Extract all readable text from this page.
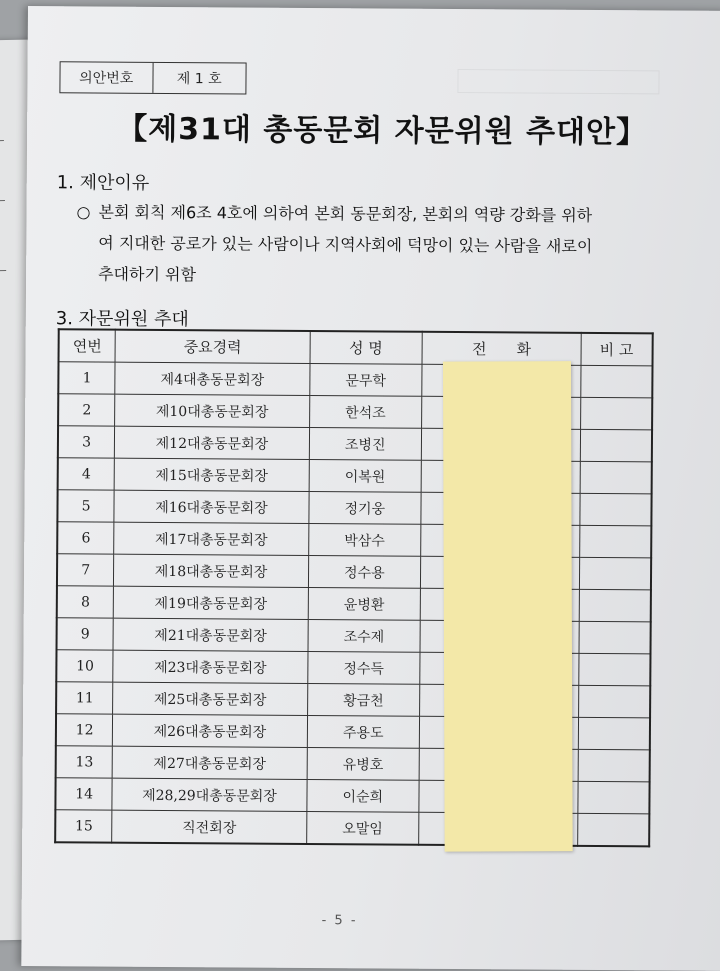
의안번호	제 1 호
【제31대 총동문회 자문위원 추대안】
1. 제안이유
○ 본회 회칙 제6조 4호에 의하여 본회 동문회장, 본회의 역량 강화를 위하
여 지대한 공로가 있는 사람이나 지역사회에 덕망이 있는 사람을 새로이
추대하기 위함
3. 자문위원 추대
연번	중요경력	성 명	전　　화	비 고
1	제4대총동문회장	문무학		
2	제10대총동문회장	한석조		
3	제12대총동문회장	조병진		
4	제15대총동문회장	이복원		
5	제16대총동문회장	정기웅		
6	제17대총동문회장	박삼수		
7	제18대총동문회장	정수용		
8	제19대총동문회장	윤병환		
9	제21대총동문회장	조수제		
10	제23대총동문회장	정수득		
11	제25대총동문회장	황금천		
12	제26대총동문회장	주용도		
13	제27대총동문회장	유병호		
14	제28,29대총동문회장	이순희		
15	직전회장	오말임		
- 5 -
